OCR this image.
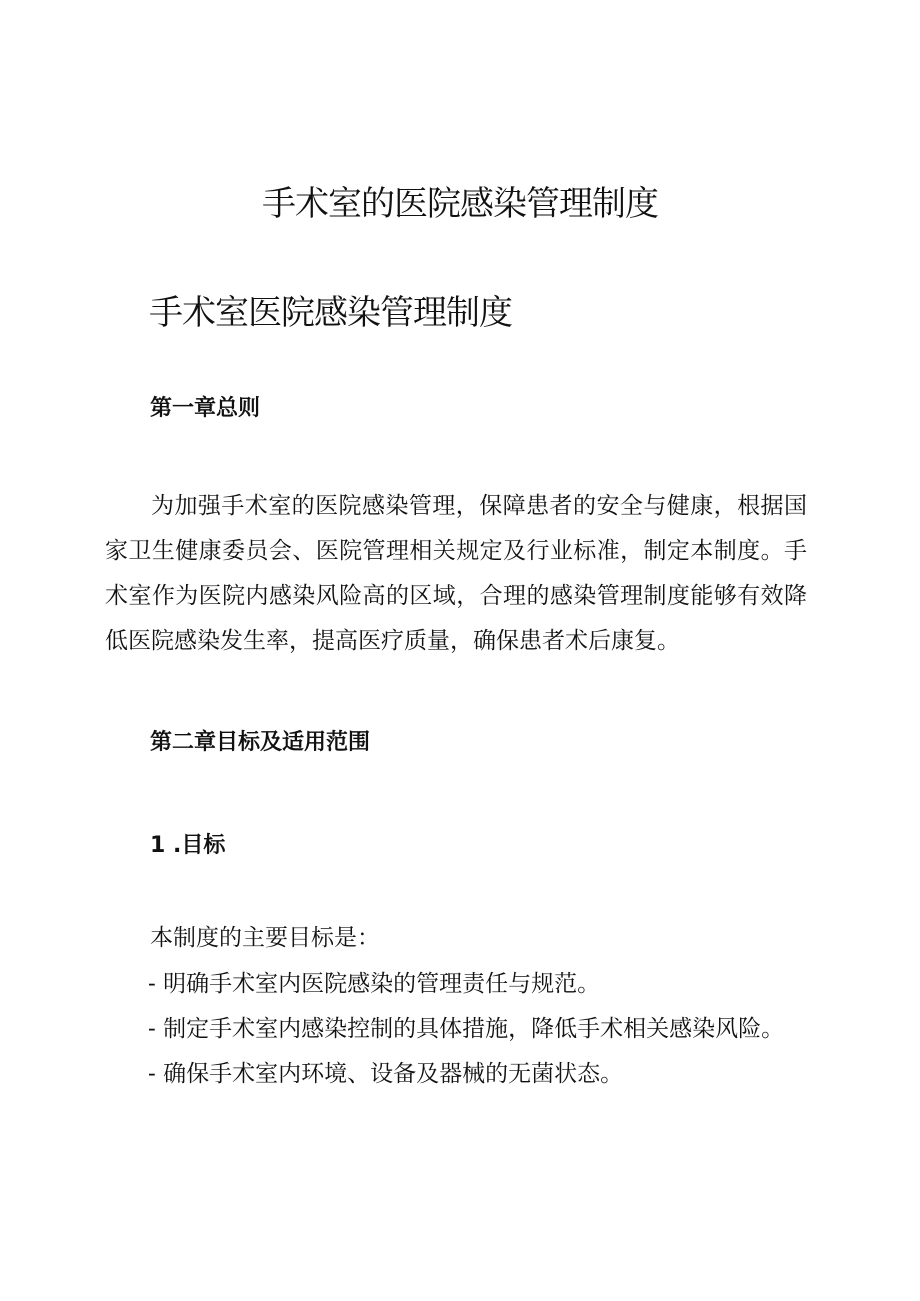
手术室的医院感染管理制度
手术室医院感染管理制度
第一章总则

为加强手术室的医院感染管理，保障患者的安全与健康，根据国家卫生健康委员会、医院管理相关规定及行业标准，制定本制度。手术室作为医院内感染风险高的区域，合理的感染管理制度能够有效降低医院感染发生率，提高医疗质量，确保患者术后康复。

第二章目标及适用范围
1 .目标

本制度的主要目标是：

- 明确手术室内医院感染的管理责任与规范。
- 制定手术室内感染控制的具体措施，降低手术相关感染风险。
- 确保手术室内环境、设备及器械的无菌状态。
